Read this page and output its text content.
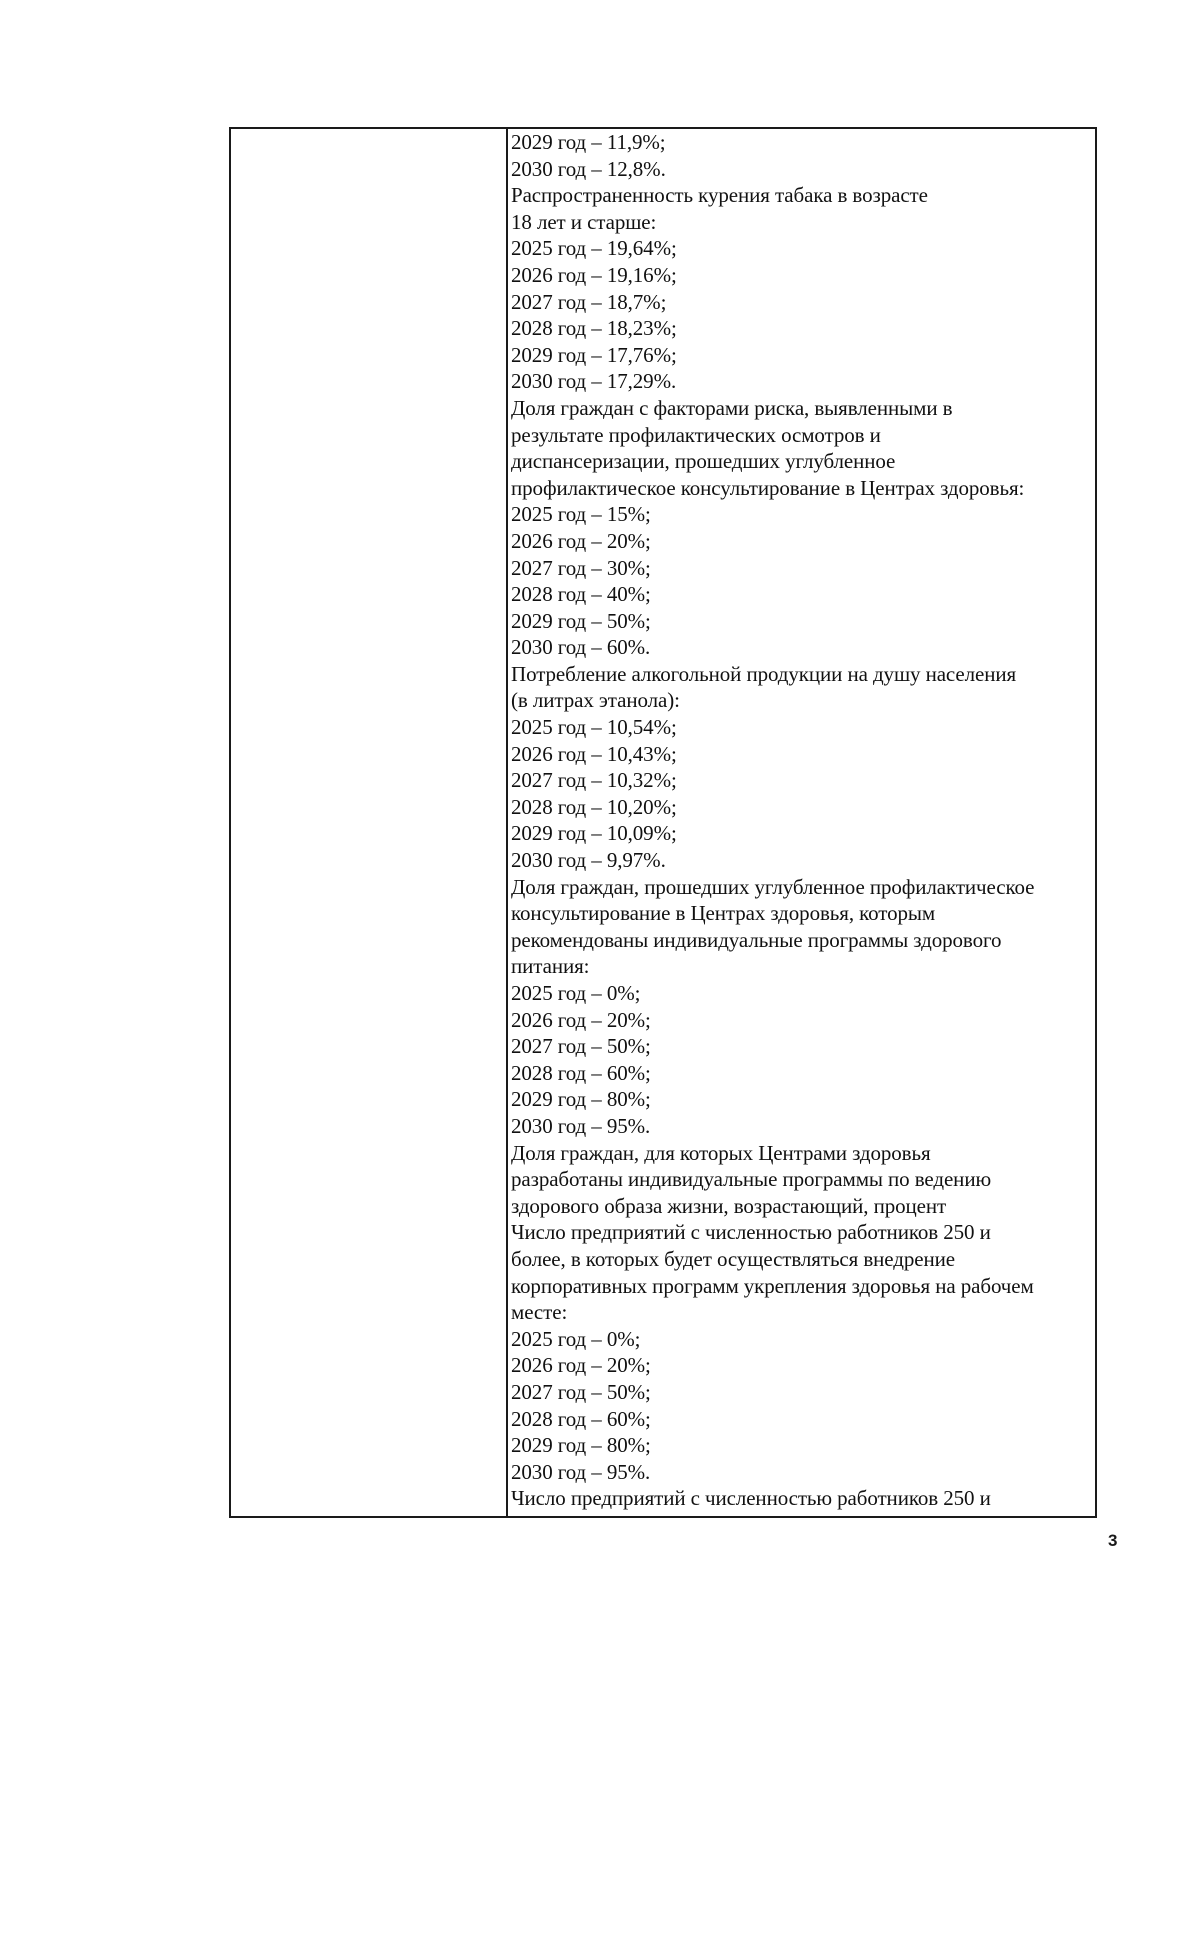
2029 год – 11,9%;
2030 год – 12,8%.
Распространенность курения табака в возрасте
18 лет и старше:
2025 год – 19,64%;
2026 год – 19,16%;
2027 год – 18,7%;
2028 год – 18,23%;
2029 год – 17,76%;
2030 год – 17,29%.
Доля граждан с факторами риска, выявленными в
результате профилактических осмотров и
диспансеризации, прошедших углубленное
профилактическое консультирование в Центрах здоровья:
2025 год – 15%;
2026 год – 20%;
2027 год – 30%;
2028 год – 40%;
2029 год – 50%;
2030 год – 60%.
Потребление алкогольной продукции на душу населения
(в литрах этанола):
2025 год – 10,54%;
2026 год – 10,43%;
2027 год – 10,32%;
2028 год – 10,20%;
2029 год – 10,09%;
2030 год – 9,97%.
Доля граждан, прошедших углубленное профилактическое
консультирование в Центрах здоровья, которым
рекомендованы индивидуальные программы здорового
питания:
2025 год – 0%;
2026 год – 20%;
2027 год – 50%;
2028 год – 60%;
2029 год – 80%;
2030 год – 95%.
Доля граждан, для которых Центрами здоровья
разработаны индивидуальные программы по ведению
здорового образа жизни, возрастающий, процент
Число предприятий с численностью работников 250 и
более, в которых будет осуществляться внедрение
корпоративных программ укрепления здоровья на рабочем
месте:
2025 год – 0%;
2026 год – 20%;
2027 год – 50%;
2028 год – 60%;
2029 год – 80%;
2030 год – 95%.
Число предприятий с численностью работников 250 и
3
